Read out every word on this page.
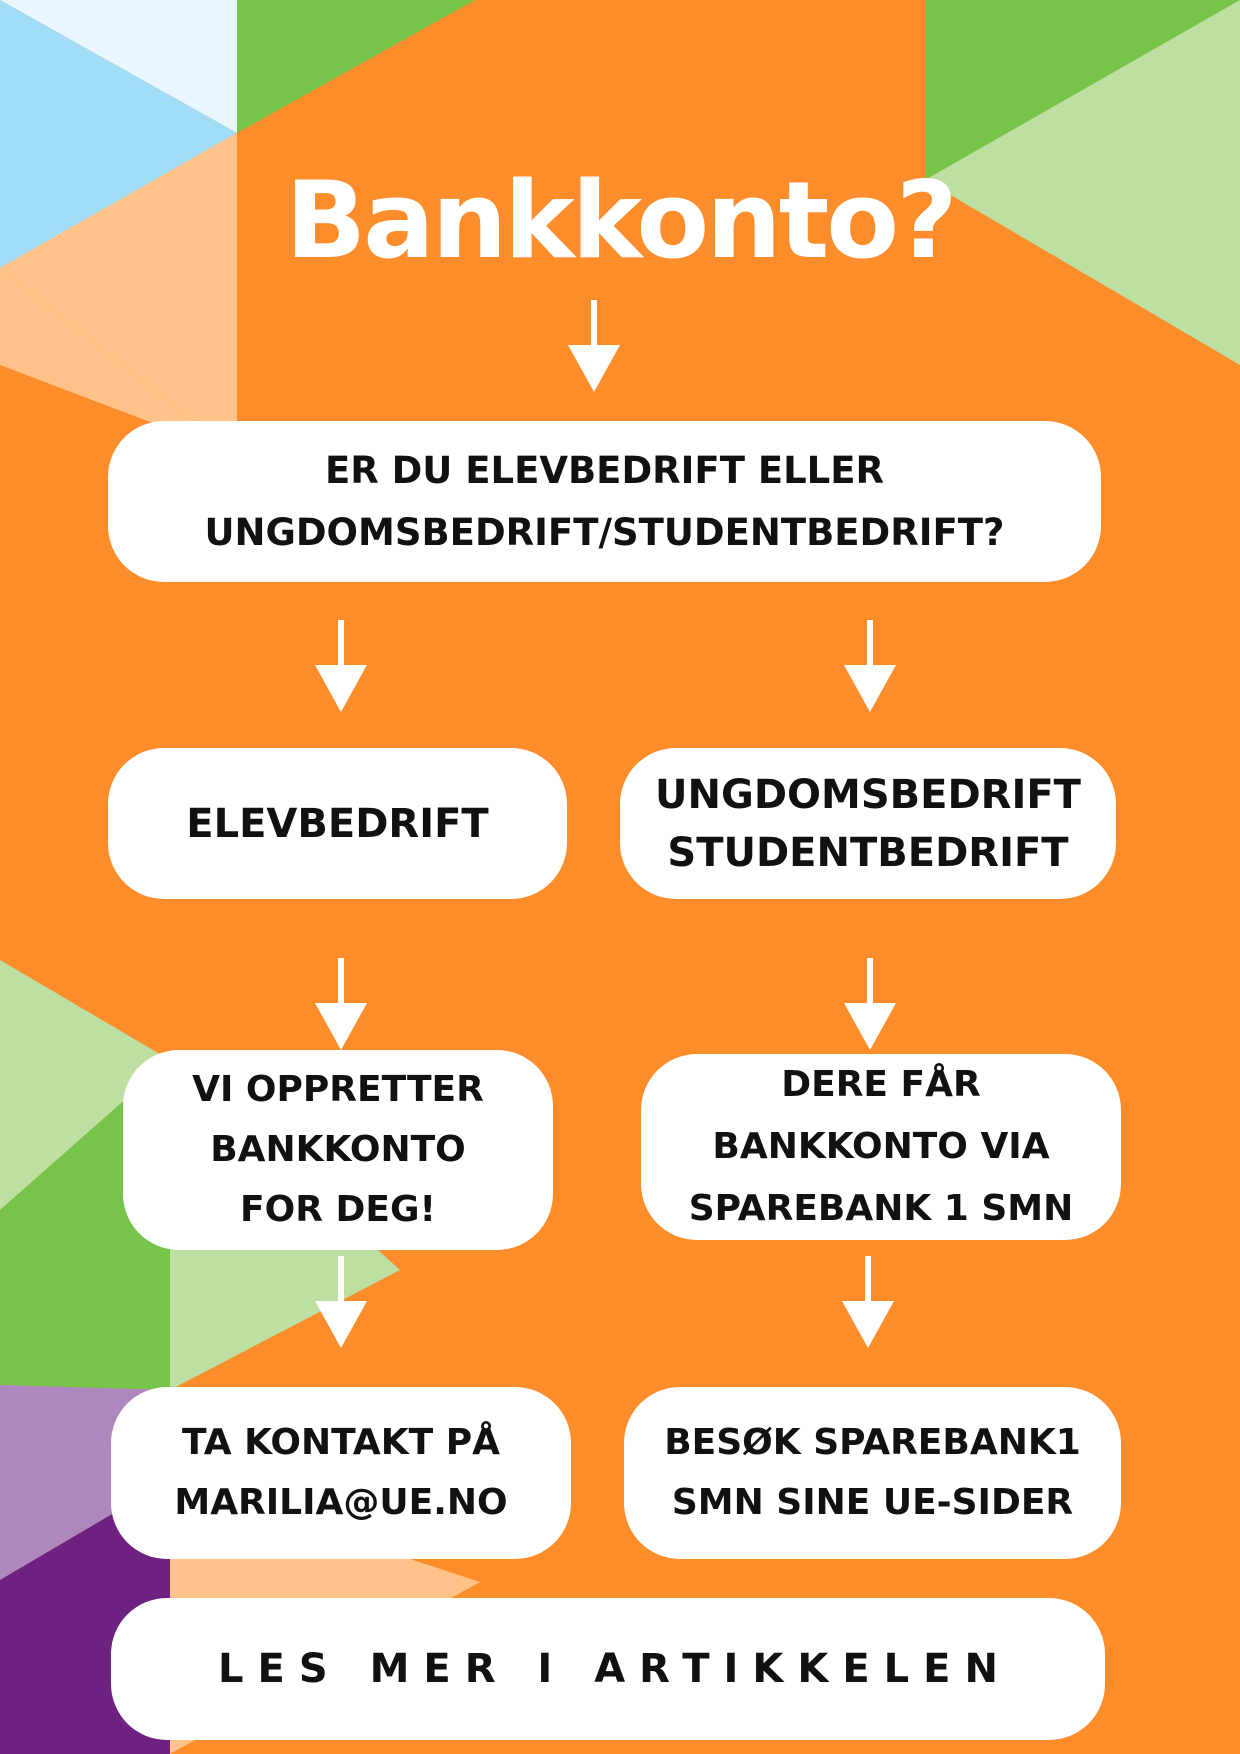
Bankkonto?
ER DU ELEVBEDRIFT ELLER
UNGDOMSBEDRIFT/STUDENTBEDRIFT?
ELEVBEDRIFT
UNGDOMSBEDRIFT
STUDENTBEDRIFT
VI OPPRETTER
BANKKONTO
FOR DEG!
DERE FÅR
BANKKONTO VIA
SPAREBANK 1 SMN
TA KONTAKT PÅ
MARILIA@UE.NO
BESØK SPAREBANK1
SMN SINE UE-SIDER
LES MER I ARTIKKELEN
